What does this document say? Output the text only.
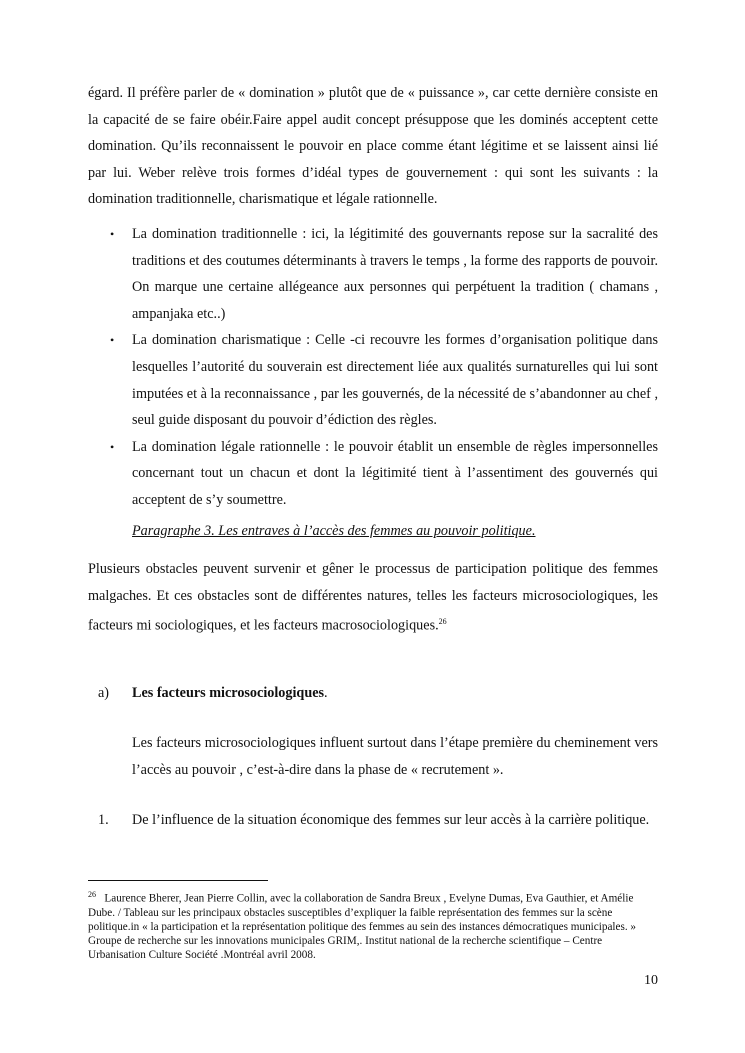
égard. Il préfère parler de « domination » plutôt que de « puissance », car cette dernière consiste en la capacité de se faire obéir.Faire appel audit concept présuppose que les dominés acceptent cette domination. Qu’ils reconnaissent le pouvoir en place comme étant légitime et se laissent ainsi lié par lui. Weber relève trois formes d’idéal types de gouvernement : qui sont les suivants : la domination traditionnelle, charismatique et légale rationnelle.

• La domination traditionnelle : ici, la légitimité des gouvernants repose sur la sacralité des traditions et des coutumes déterminants à travers le temps , la forme des rapports de pouvoir. On marque une certaine allégeance aux personnes qui perpétuent la tradition ( chamans , ampanjaka etc..)
• La domination charismatique : Celle -ci recouvre les formes d’organisation politique dans lesquelles l’autorité du souverain est directement liée aux qualités surnaturelles qui lui sont imputées et à la reconnaissance , par les gouvernés, de la nécessité de s’abandonner au chef , seul guide disposant du pouvoir d’édiction des règles.
• La domination légale rationnelle : le pouvoir établit un ensemble de règles impersonnelles concernant tout un chacun et dont la légitimité tient à l’assentiment des gouvernés qui acceptent de s’y soumettre.

Paragraphe 3. Les entraves à l’accès des femmes au pouvoir politique.

Plusieurs obstacles peuvent survenir et gêner le processus de participation politique des femmes malgaches. Et ces obstacles sont de différentes natures, telles les facteurs microsociologiques, les facteurs mi sociologiques, et les facteurs macrosociologiques.$^{26}$

a) Les facteurs microsociologiques.

Les facteurs microsociologiques influent surtout dans l’étape première du cheminement vers l’accès au pouvoir , c’est-à-dire dans la phase de « recrutement ».

1. De l’influence de la situation économique des femmes sur leur accès à la carrière politique.

$^{26}$ Laurence Bherer, Jean Pierre Collin, avec la collaboration de Sandra Breux , Evelyne Dumas, Eva Gauthier, et Amélie Dube. / Tableau sur les principaux obstacles susceptibles d’expliquer la faible représentation des femmes sur la scène politique.in « la participation et la représentation politique des femmes au sein des instances démocratiques municipales. » Groupe de recherche sur les innovations municipales GRIM,. Institut national de la recherche scientifique – Centre Urbanisation Culture Société .Montréal avril 2008.

10
